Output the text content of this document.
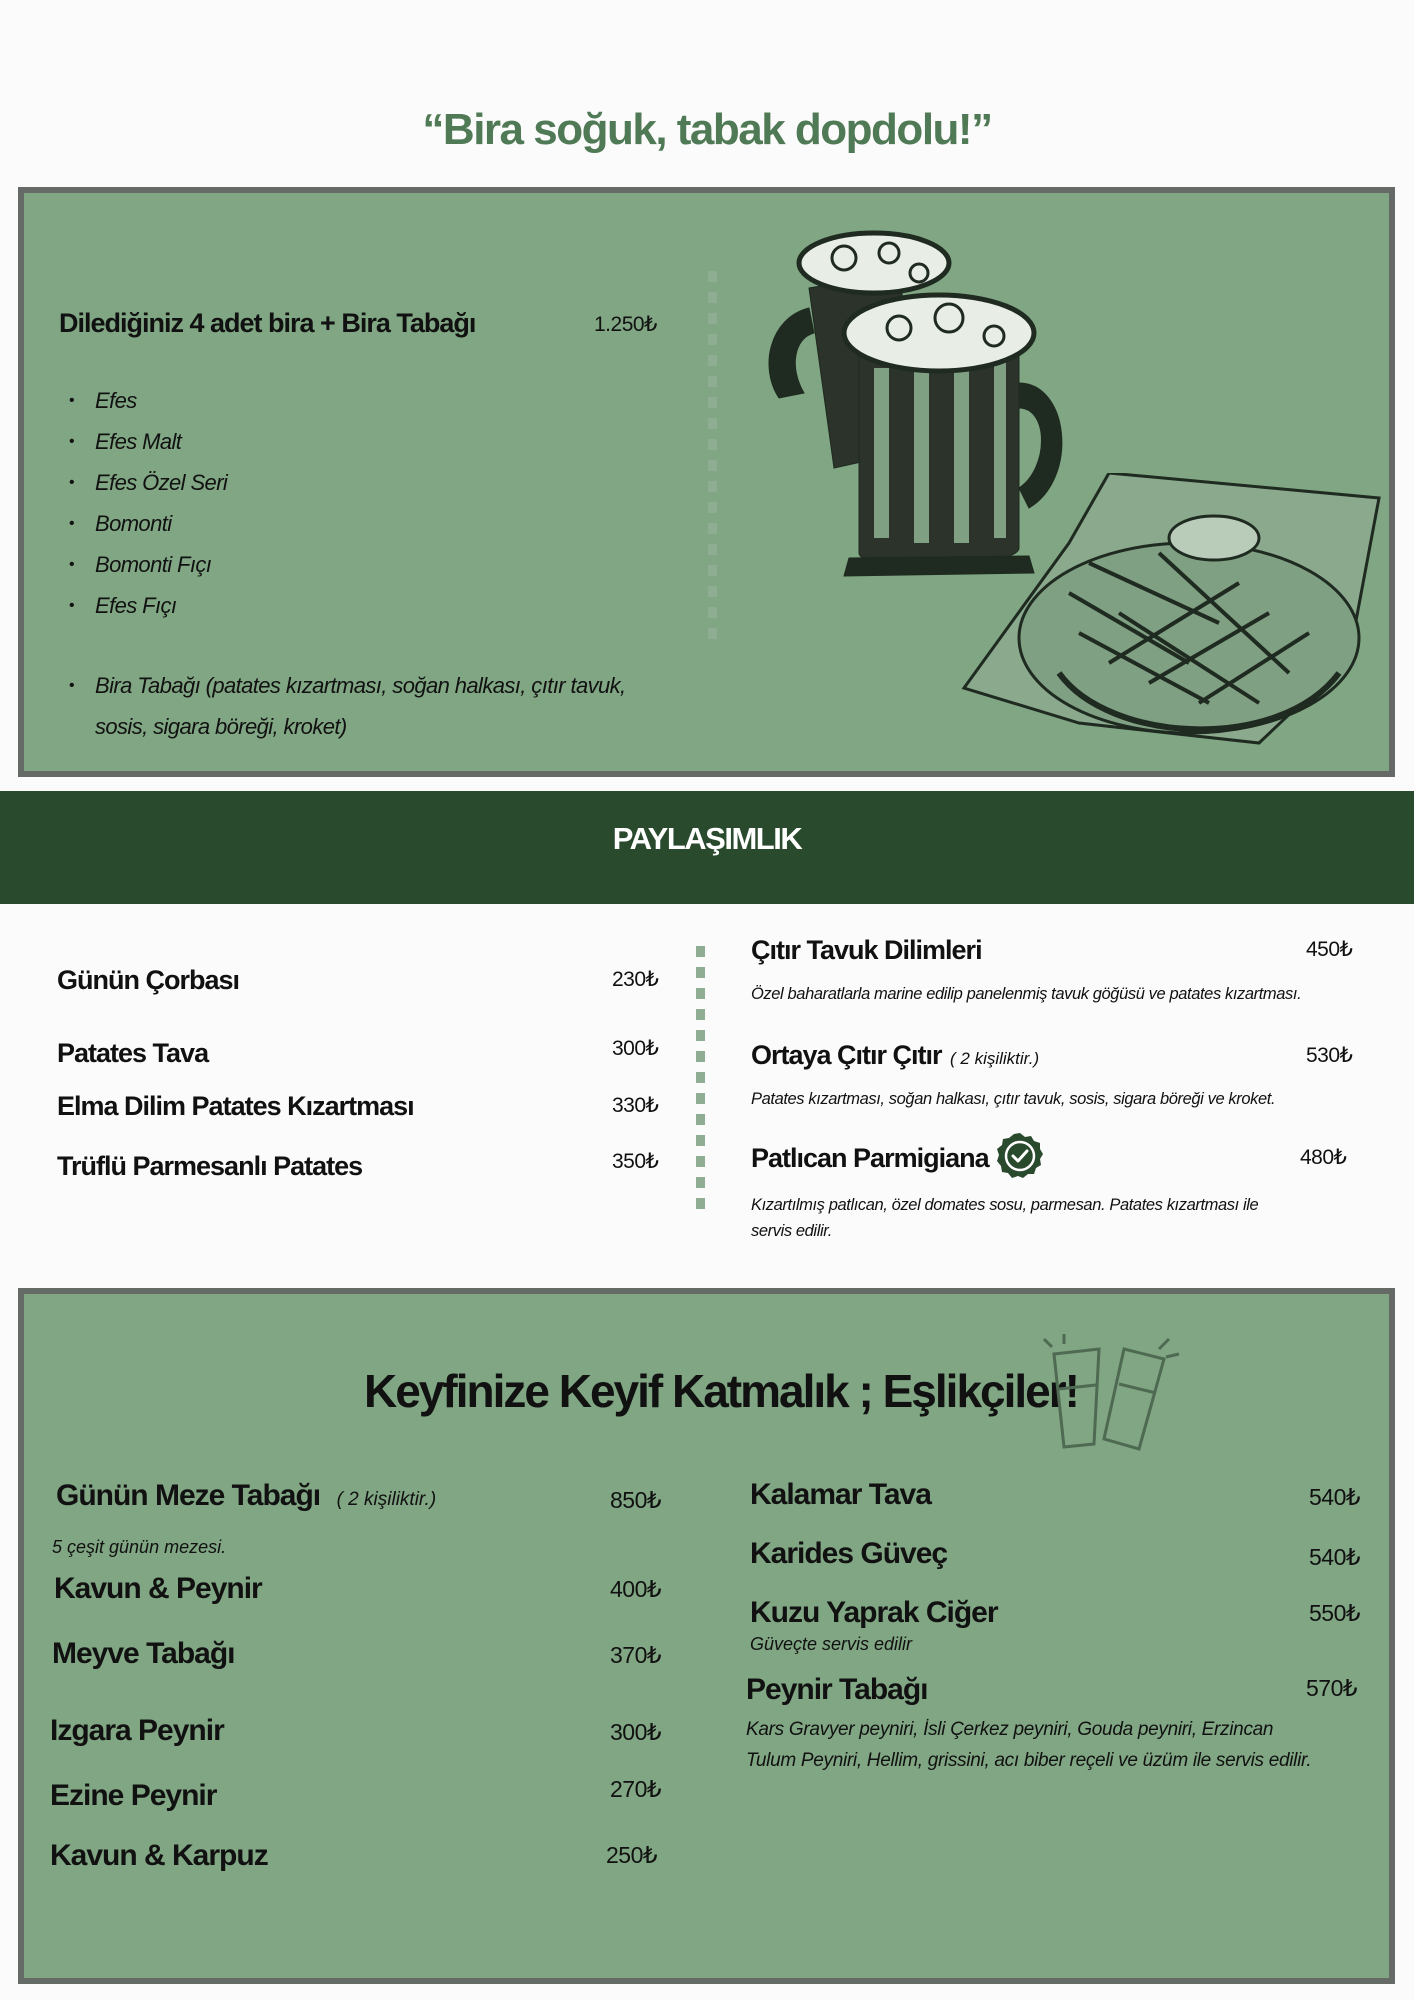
“Bira soğuk, tabak dopdolu!”
Dilediğiniz 4 adet bira + Bira Tabağı	1.250₺
• Efes
• Efes Malt
• Efes Özel Seri
• Bomonti
• Bomonti Fıçı
• Efes Fıçı
• Bira Tabağı (patates kızartması, soğan halkası, çıtır tavuk,
sosis, sigara böreği, kroket)
PAYLAŞIMLIK
Günün Çorbası	230₺
Patates Tava	300₺
Elma Dilim Patates Kızartması	330₺
Trüflü Parmesanlı Patates	350₺
Çıtır Tavuk Dilimleri	450₺
Özel baharatlarla marine edilip panelenmiş tavuk göğüsü ve patates kızartması.
Ortaya Çıtır Çıtır ( 2 kişiliktir.)	530₺
Patates kızartması, soğan halkası, çıtır tavuk, sosis, sigara böreği ve kroket.
Patlıcan Parmigiana	480₺
Kızartılmış patlıcan, özel domates sosu, parmesan. Patates kızartması ile
servis edilir.
Keyfinize Keyif Katmalık ; Eşlikçiler!
Günün Meze Tabağı ( 2 kişiliktir.)	850₺
5 çeşit günün mezesi.
Kavun & Peynir	400₺
Meyve Tabağı	370₺
Izgara Peynir	300₺
Ezine Peynir	270₺
Kavun & Karpuz	250₺
Kalamar Tava	540₺
Karides Güveç	540₺
Kuzu Yaprak Ciğer	550₺
Güveçte servis edilir
Peynir Tabağı	570₺
Kars Gravyer peyniri, İsli Çerkez peyniri, Gouda peyniri, Erzincan
Tulum Peyniri, Hellim, grissini, acı biber reçeli ve üzüm ile servis edilir.
